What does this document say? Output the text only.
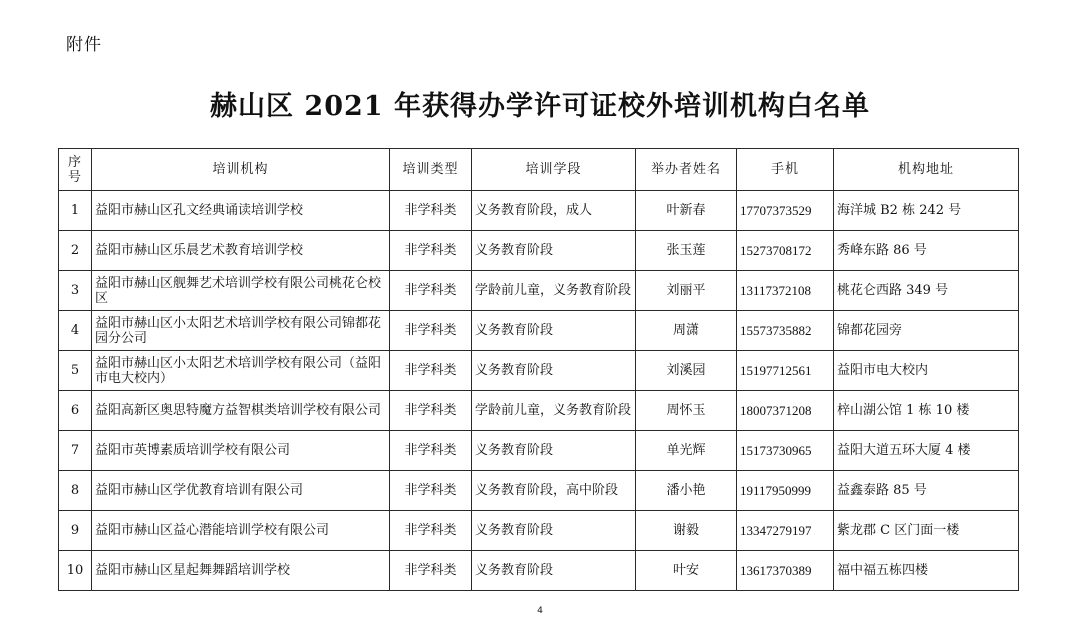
附件
赫山区 2021 年获得办学许可证校外培训机构白名单
序号	培训机构	培训类型	培训学段	举办者姓名	手机	机构地址
1	益阳市赫山区孔文经典诵读培训学校	非学科类	义务教育阶段，成人	叶新春	17707373529	海洋城 B2 栋 242 号
2	益阳市赫山区乐晨艺术教育培训学校	非学科类	义务教育阶段	张玉莲	15273708172	秀峰东路 86 号
3	益阳市赫山区舰舞艺术培训学校有限公司桃花仑校区	非学科类	学龄前儿童，义务教育阶段	刘丽平	13117372108	桃花仑西路 349 号
4	益阳市赫山区小太阳艺术培训学校有限公司锦都花园分公司	非学科类	义务教育阶段	周潇	15573735882	锦都花园旁
5	益阳市赫山区小太阳艺术培训学校有限公司（益阳市电大校内）	非学科类	义务教育阶段	刘溪园	15197712561	益阳市电大校内
6	益阳高新区奥思特魔方益智棋类培训学校有限公司	非学科类	学龄前儿童，义务教育阶段	周怀玉	18007371208	梓山湖公馆 1 栋 10 楼
7	益阳市英博素质培训学校有限公司	非学科类	义务教育阶段	单光辉	15173730965	益阳大道五环大厦 4 楼
8	益阳市赫山区学优教育培训有限公司	非学科类	义务教育阶段，高中阶段	潘小艳	19117950999	益鑫泰路 85 号
9	益阳市赫山区益心潜能培训学校有限公司	非学科类	义务教育阶段	谢毅	13347279197	紫龙郡 C 区门面一楼
10	益阳市赫山区星起舞舞蹈培训学校	非学科类	义务教育阶段	叶安	13617370389	福中福五栋四楼
4
